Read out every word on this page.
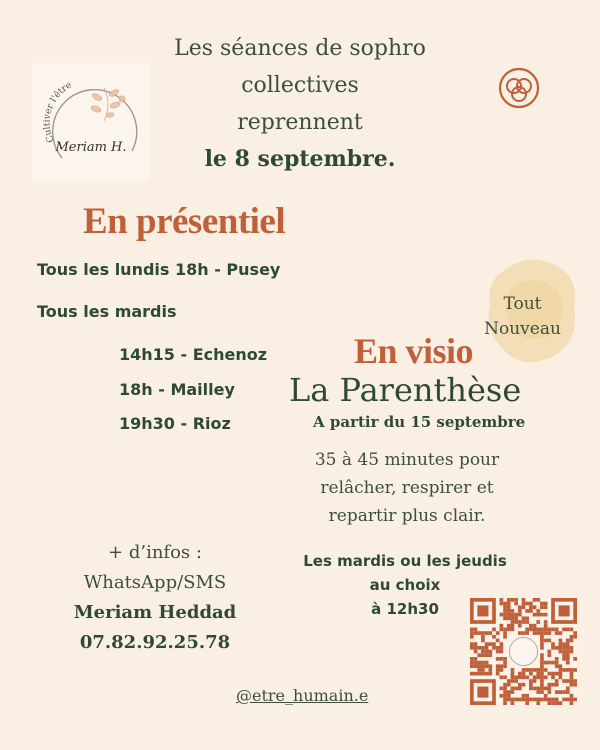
Les séances de sophro
collectives
reprennent
le 8 septembre.
Cultiver l'être
Meriam H.
En présentiel
Tous les lundis 18h - Pusey
Tous les mardis
14h15 - Echenoz
18h - Mailley
19h30 - Rioz
Tout
Nouveau
En visio
La Parenthèse
A partir du 15 septembre
35 à 45 minutes pour
relâcher, respirer et
repartir plus clair.
Les mardis ou les jeudis
au choix
à 12h30
+ d’infos :
WhatsApp/SMS
Meriam Heddad
07.82.92.25.78
@etre_humain.e
